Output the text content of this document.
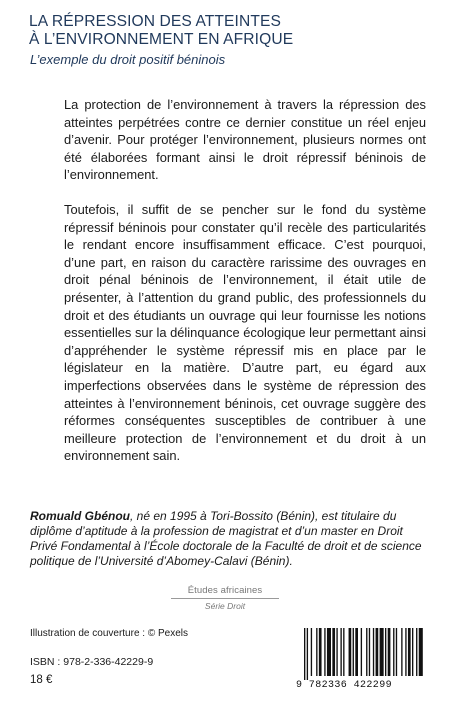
LA RÉPRESSION DES ATTEINTES
À L’ENVIRONNEMENT EN AFRIQUE
L’exemple du droit positif béninois

La protection de l’environnement à travers la répression des atteintes perpétrées contre ce dernier constitue un réel enjeu d’avenir. Pour protéger l’environnement, plusieurs normes ont été élaborées formant ainsi le droit répressif béninois de l’environnement.

Toutefois, il suffit de se pencher sur le fond du système répressif béninois pour constater qu’il recèle des particularités le rendant encore insuffisamment efficace. C’est pourquoi, d’une part, en raison du caractère rarissime des ouvrages en droit pénal béninois de l’environnement, il était utile de présenter, à l’attention du grand public, des professionnels du droit et des étudiants un ouvrage qui leur fournisse les notions essentielles sur la délinquance écologique leur permettant ainsi d’appréhender le système répressif mis en place par le législateur en la matière. D’autre part, eu égard aux imperfections observées dans le système de répression des atteintes à l’environnement béninois, cet ouvrage suggère des réformes conséquentes susceptibles de contribuer à une meilleure protection de l’environnement et du droit à un environnement sain.

Romuald Gbénou, né en 1995 à Tori-Bossito (Bénin), est titulaire du diplôme d’aptitude à la profession de magistrat et d’un master en Droit Privé Fondamental à l’École doctorale de la Faculté de droit et de science politique de l’Université d’Abomey-Calavi (Bénin).
Études africaines
Série Droit
Illustration de couverture : © Pexels
ISBN : 978-2-336-42229-9
18 €	9 782336 422299
